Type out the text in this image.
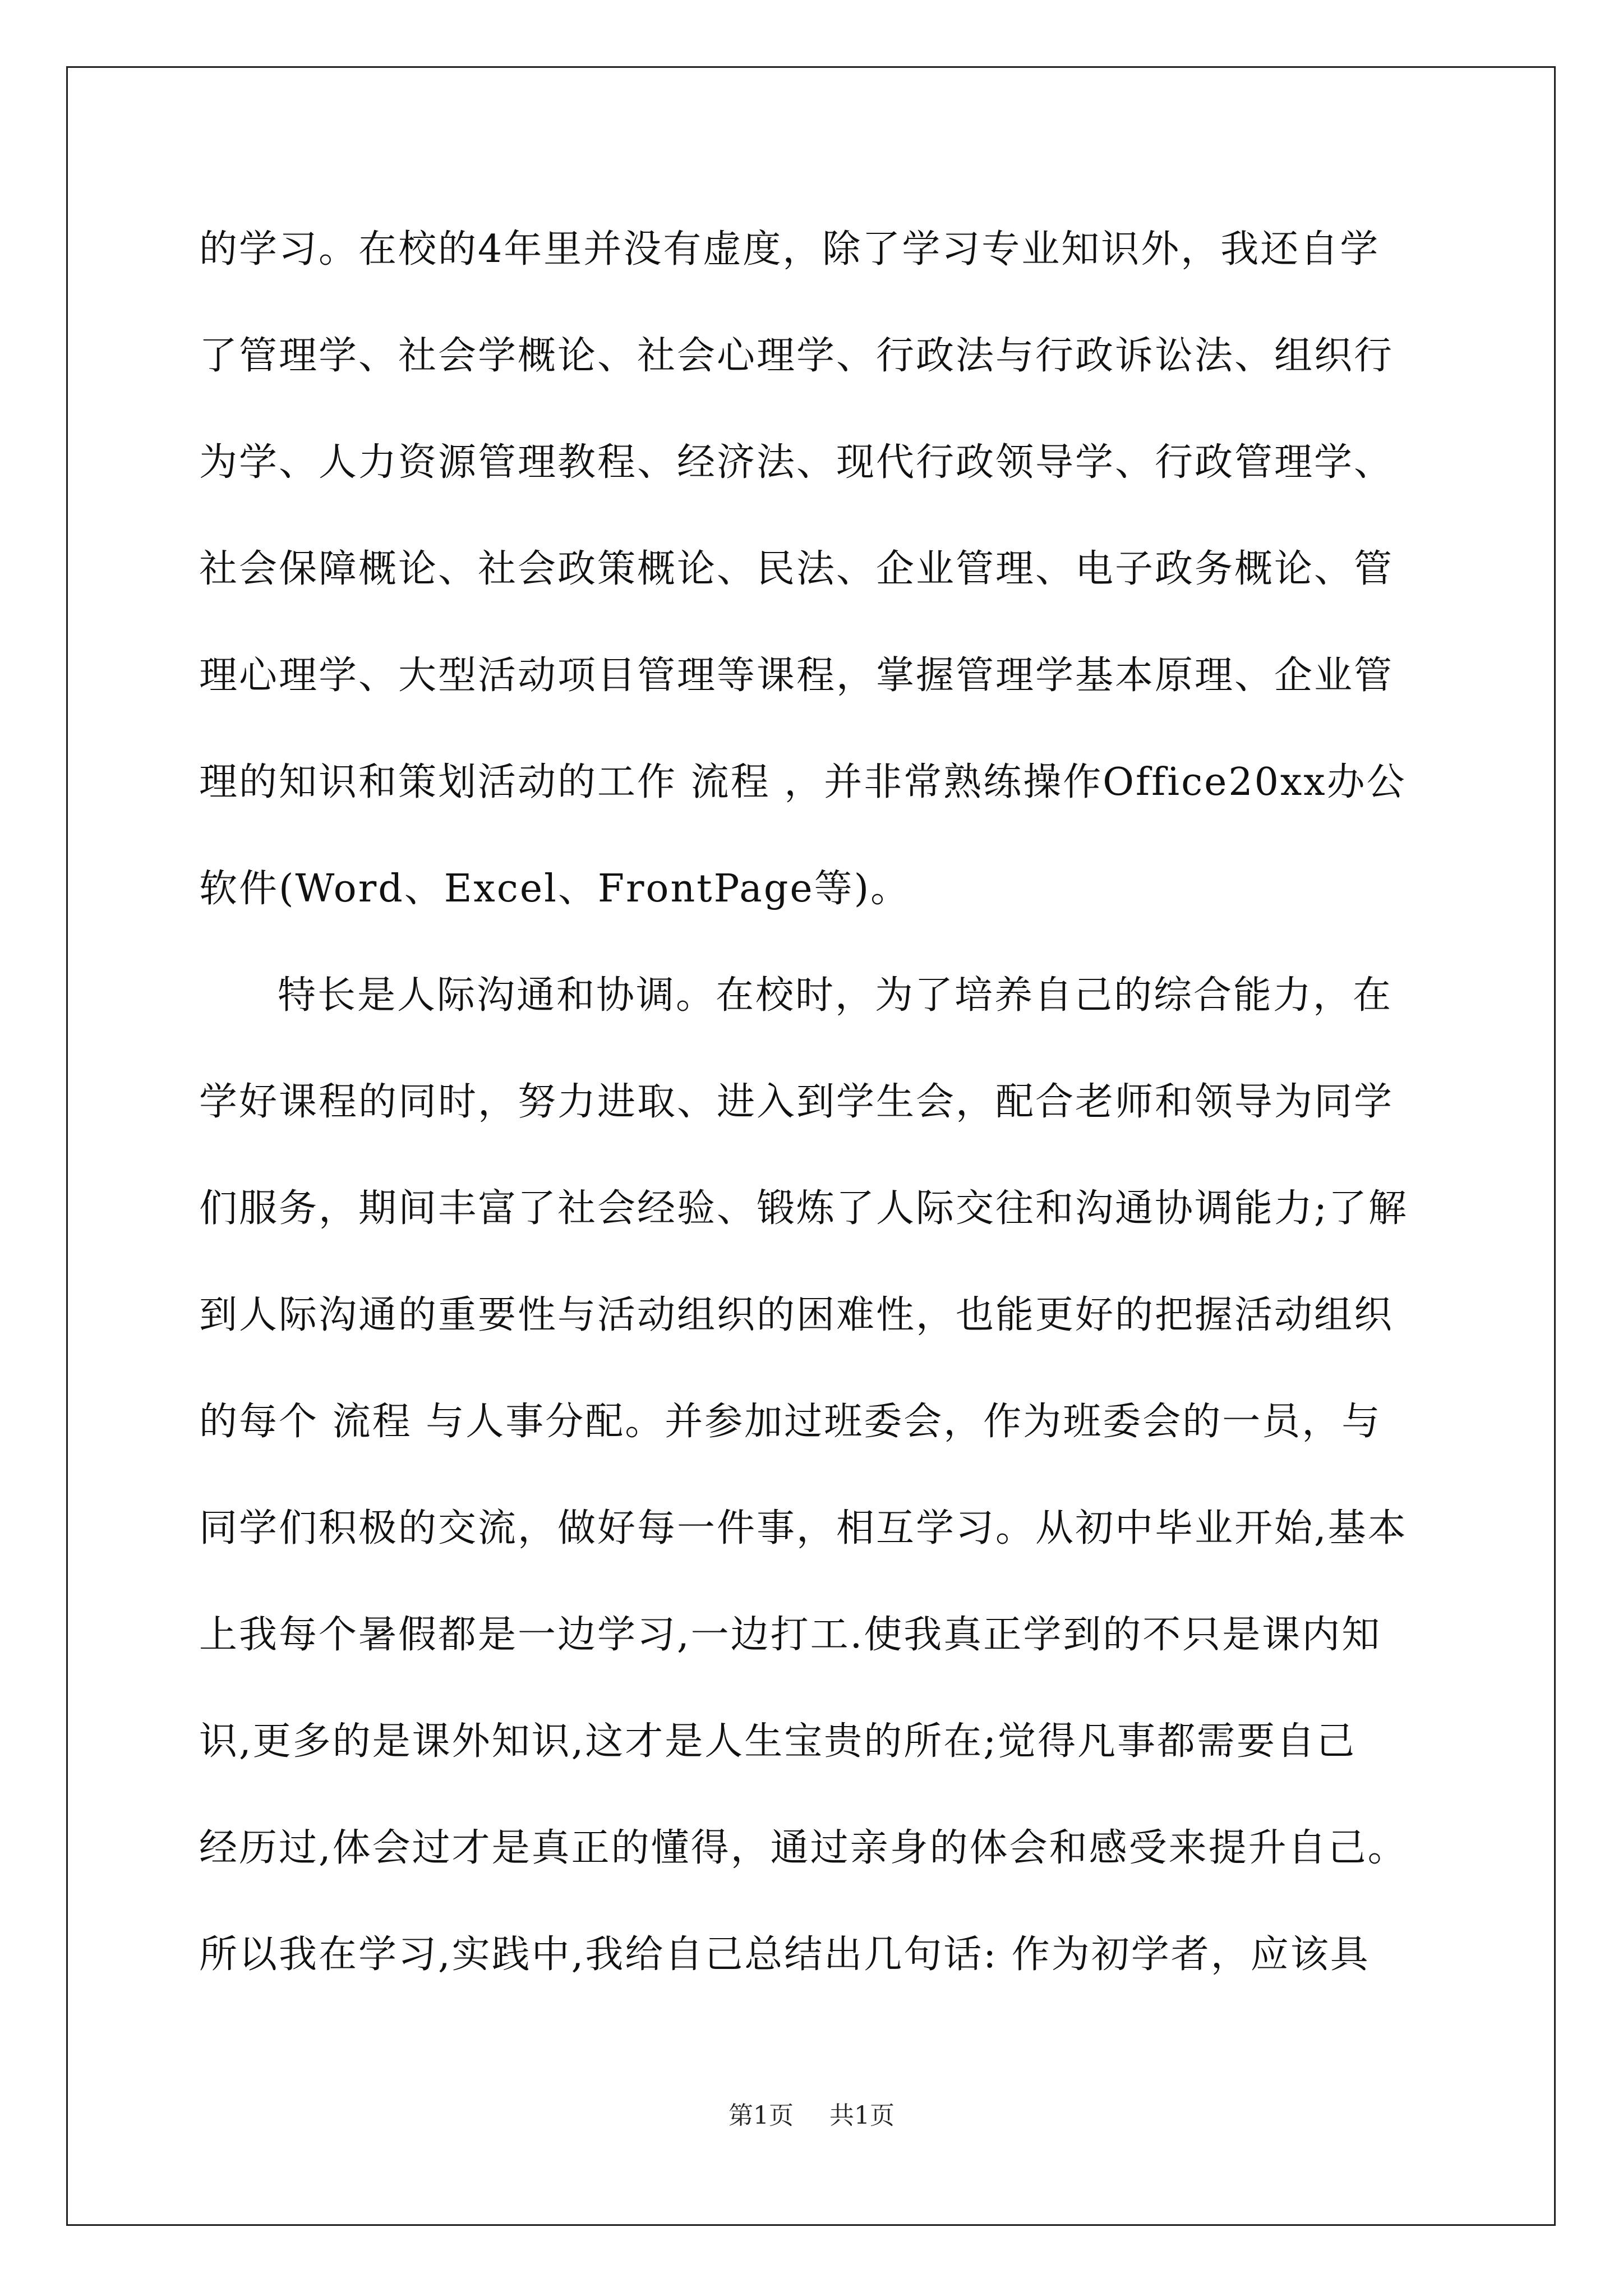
的学习。在校的4年里并没有虚度，除了学习专业知识外，我还自学
了管理学、社会学概论、社会心理学、行政法与行政诉讼法、组织行
为学、人力资源管理教程、经济法、现代行政领导学、行政管理学、
社会保障概论、社会政策概论、民法、企业管理、电子政务概论、管
理心理学、大型活动项目管理等课程，掌握管理学基本原理、企业管
理的知识和策划活动的工作 流程 ，并非常熟练操作Office20xx办公
软件(Word、Excel、FrontPage等)。
特长是人际沟通和协调。在校时，为了培养自己的综合能力，在
学好课程的同时，努力进取、进入到学生会，配合老师和领导为同学
们服务，期间丰富了社会经验、锻炼了人际交往和沟通协调能力;了解
到人际沟通的重要性与活动组织的困难性，也能更好的把握活动组织
的每个 流程 与人事分配。并参加过班委会，作为班委会的一员，与
同学们积极的交流，做好每一件事，相互学习。从初中毕业开始,基本
上我每个暑假都是一边学习,一边打工.使我真正学到的不只是课内知
识,更多的是课外知识,这才是人生宝贵的所在;觉得凡事都需要自己
经历过,体会过才是真正的懂得，通过亲身的体会和感受来提升自己。
所以我在学习,实践中,我给自己总结出几句话: 作为初学者，应该具
第1页 共1页
